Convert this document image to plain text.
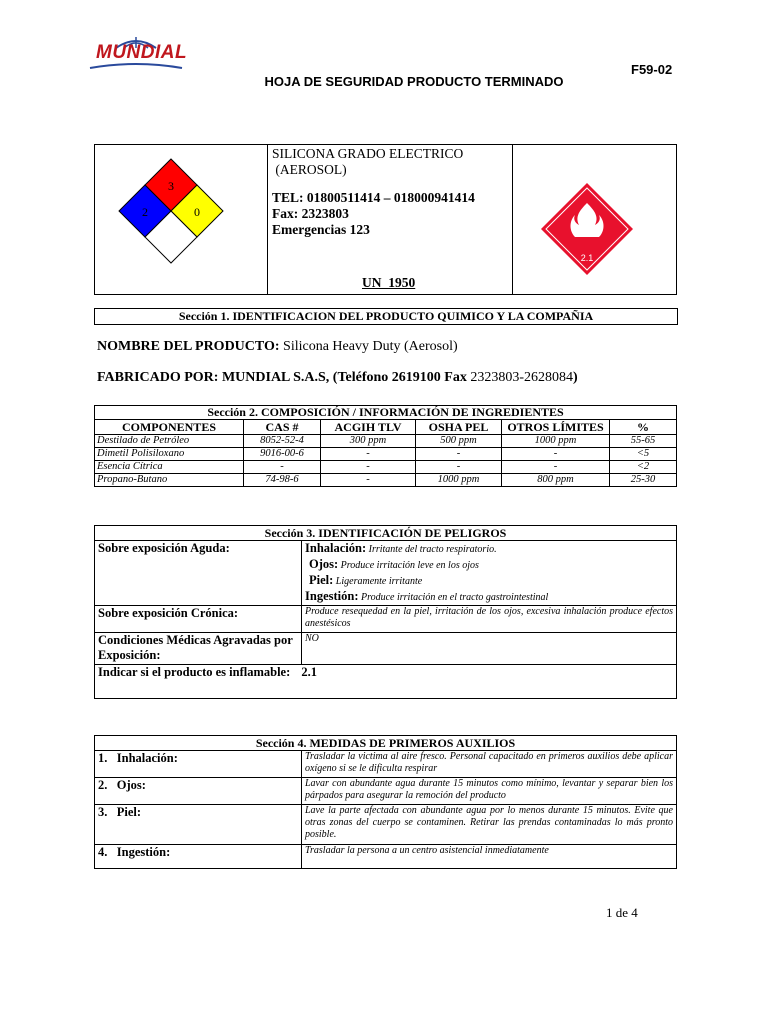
MUNDIAL
F59-02
HOJA DE SEGURIDAD PRODUCTO TERMINADO
3
2	0

SILICONA GRADO ELECTRICO
(AEROSOL)
TEL: 01800511414 – 018000941414
Fax: 2323803
Emergencias 123
UN  1950

2.1
Sección 1. IDENTIFICACION DEL PRODUCTO QUIMICO Y LA COMPAÑIA
NOMBRE DEL PRODUCTO: Silicona Heavy Duty (Aerosol)
FABRICADO POR: MUNDIAL S.A.S, (Teléfono 2619100 Fax 2323803-2628084)
Sección 2. COMPOSICIÓN / INFORMACIÓN DE INGREDIENTES					
COMPONENTES	CAS #	ACGIH TLV	OSHA PEL	OTROS LÍMITES	%
Destilado de Petróleo	8052-52-4	300 ppm	500 ppm	1000 ppm	55-65
Dimetil Polisiloxano	9016-00-6	-	-	-	<5
Esencia Cítrica	-	-	-	-	<2
Propano-Butano	74-98-6	-	1000 ppm	800 ppm	25-30
Sección 3. IDENTIFICACIÓN DE PELIGROS	
Sobre exposición Aguda:	Inhalación: Irritante del tracto respiratorio.
Ojos: Produce irritación leve en los ojos
Piel: Ligeramente irritante
Ingestión: Produce irritación en el tracto gastrointestinal

Sobre exposición Crónica:	Produce resequedad en la piel, irritación de los ojos, excesiva inhalación produce efectos anestésicos
Condiciones Médicas Agravadas por Exposición:	NO
Indicar si el producto es inflamable: 2.1	
Sección 4. MEDIDAS DE PRIMEROS AUXILIOS	
1.   Inhalación:	Trasladar la victima al aire fresco. Personal capacitado en primeros auxilios debe aplicar oxígeno si se le dificulta respirar
2.   Ojos:	Lavar con abundante agua durante 15 minutos como mínimo, levantar y separar bien los párpados para asegurar la remoción del producto
3.   Piel:	Lave la parte afectada con abundante agua por lo menos durante 15 minutos. Evite que otras zonas del cuerpo se contaminen. Retirar las prendas contaminadas lo más pronto posible.
4.   Ingestión:	Trasladar la persona a un centro asistencial inmediatamente
1 de 4
